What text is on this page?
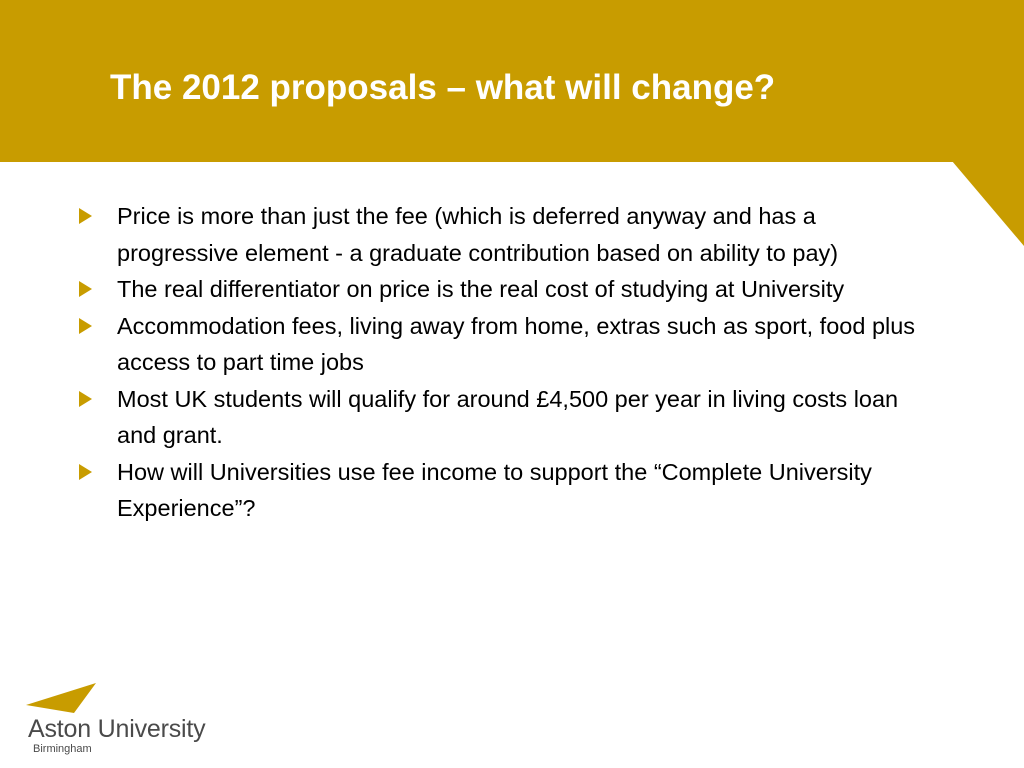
The 2012 proposals – what will change?
Price is more than just the fee (which is deferred anyway and has a progressive element - a graduate contribution based on ability to pay)
The real differentiator on price is the real cost of studying at University
Accommodation fees, living away from home, extras such as sport, food plus access to part time jobs
Most UK students will qualify for around £4,500 per year in living costs loan and grant.
How will Universities use fee income to support the “Complete University Experience”?
Aston University
Birmingham
